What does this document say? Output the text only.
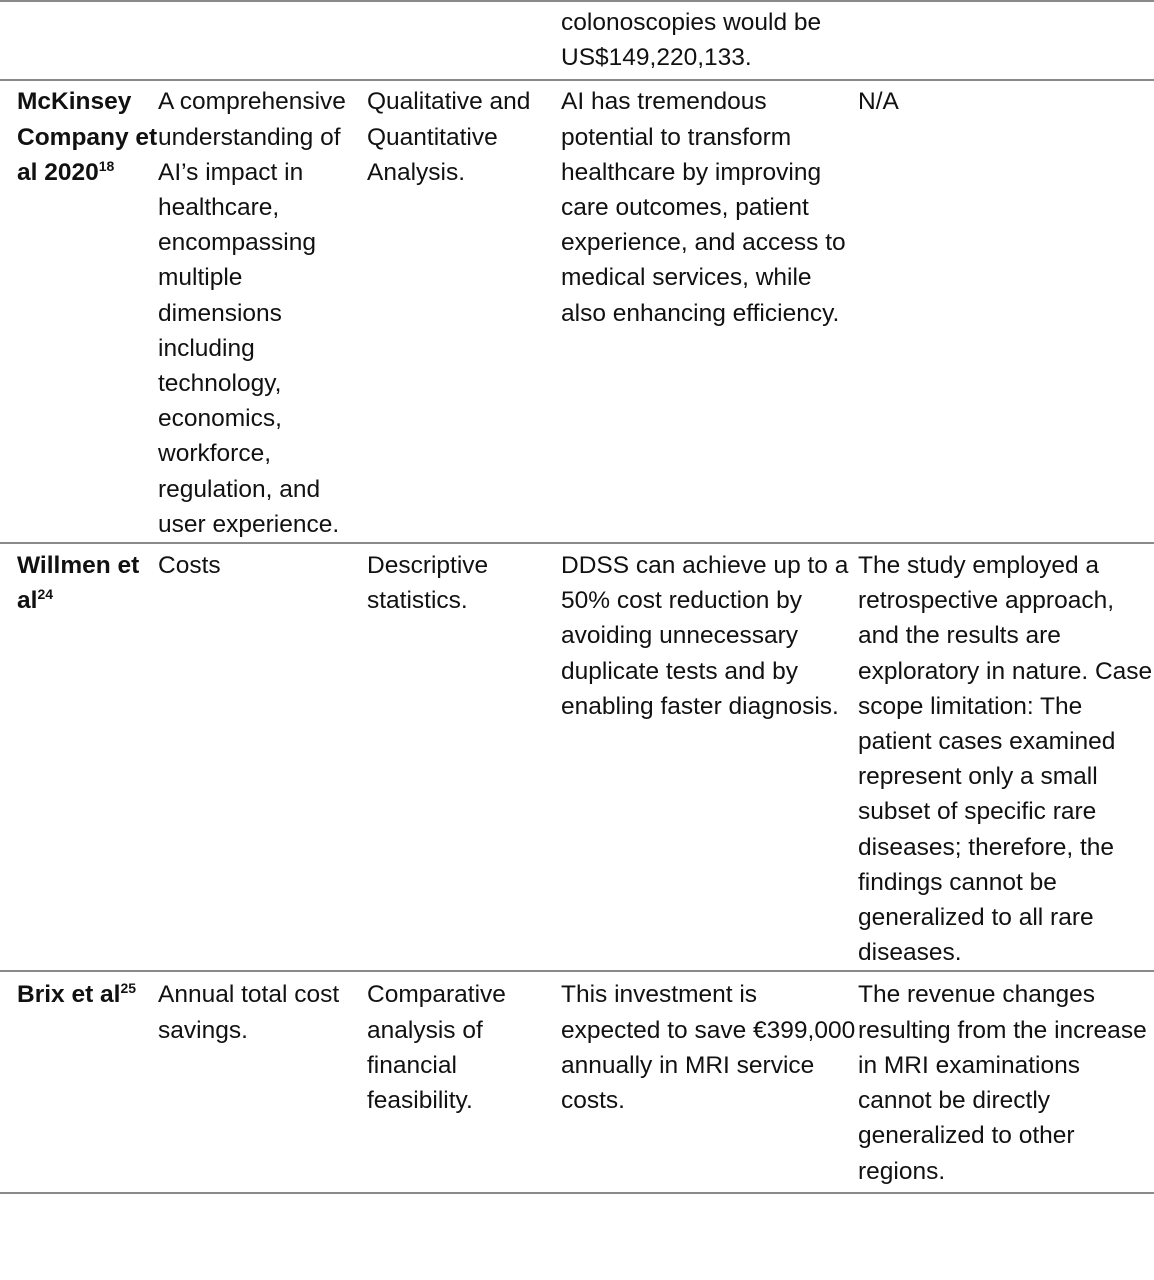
			colonoscopies would be US$149,220,133.	
McKinsey Company et al 2020$^{18}$	A comprehensive understanding of AI’s impact in healthcare, encompassing multiple dimensions including technology, economics, workforce, regulation, and user experience.	Qualitative and Quantitative Analysis.	AI has tremendous potential to transform healthcare by improving care outcomes, patient experience, and access to medical services, while also enhancing efficiency.	N/A
Willmen et $al^{24}$	Costs	Descriptive statistics.	DDSS can achieve up to a 50% cost reduction by avoiding unnecessary duplicate tests and by enabling faster diagnosis.	The study employed a retrospective approach, and the results are exploratory in nature. Case scope limitation: The patient cases examined represent only a small subset of specific rare diseases; therefore, the findings cannot be generalized to all rare diseases.
Brix et $al^{25}$	Annual total cost savings.	Comparative analysis of financial feasibility.	This investment is expected to save €399,000 annually in MRI service costs.	The revenue changes resulting from the increase in MRI examinations cannot be directly generalized to other regions.
